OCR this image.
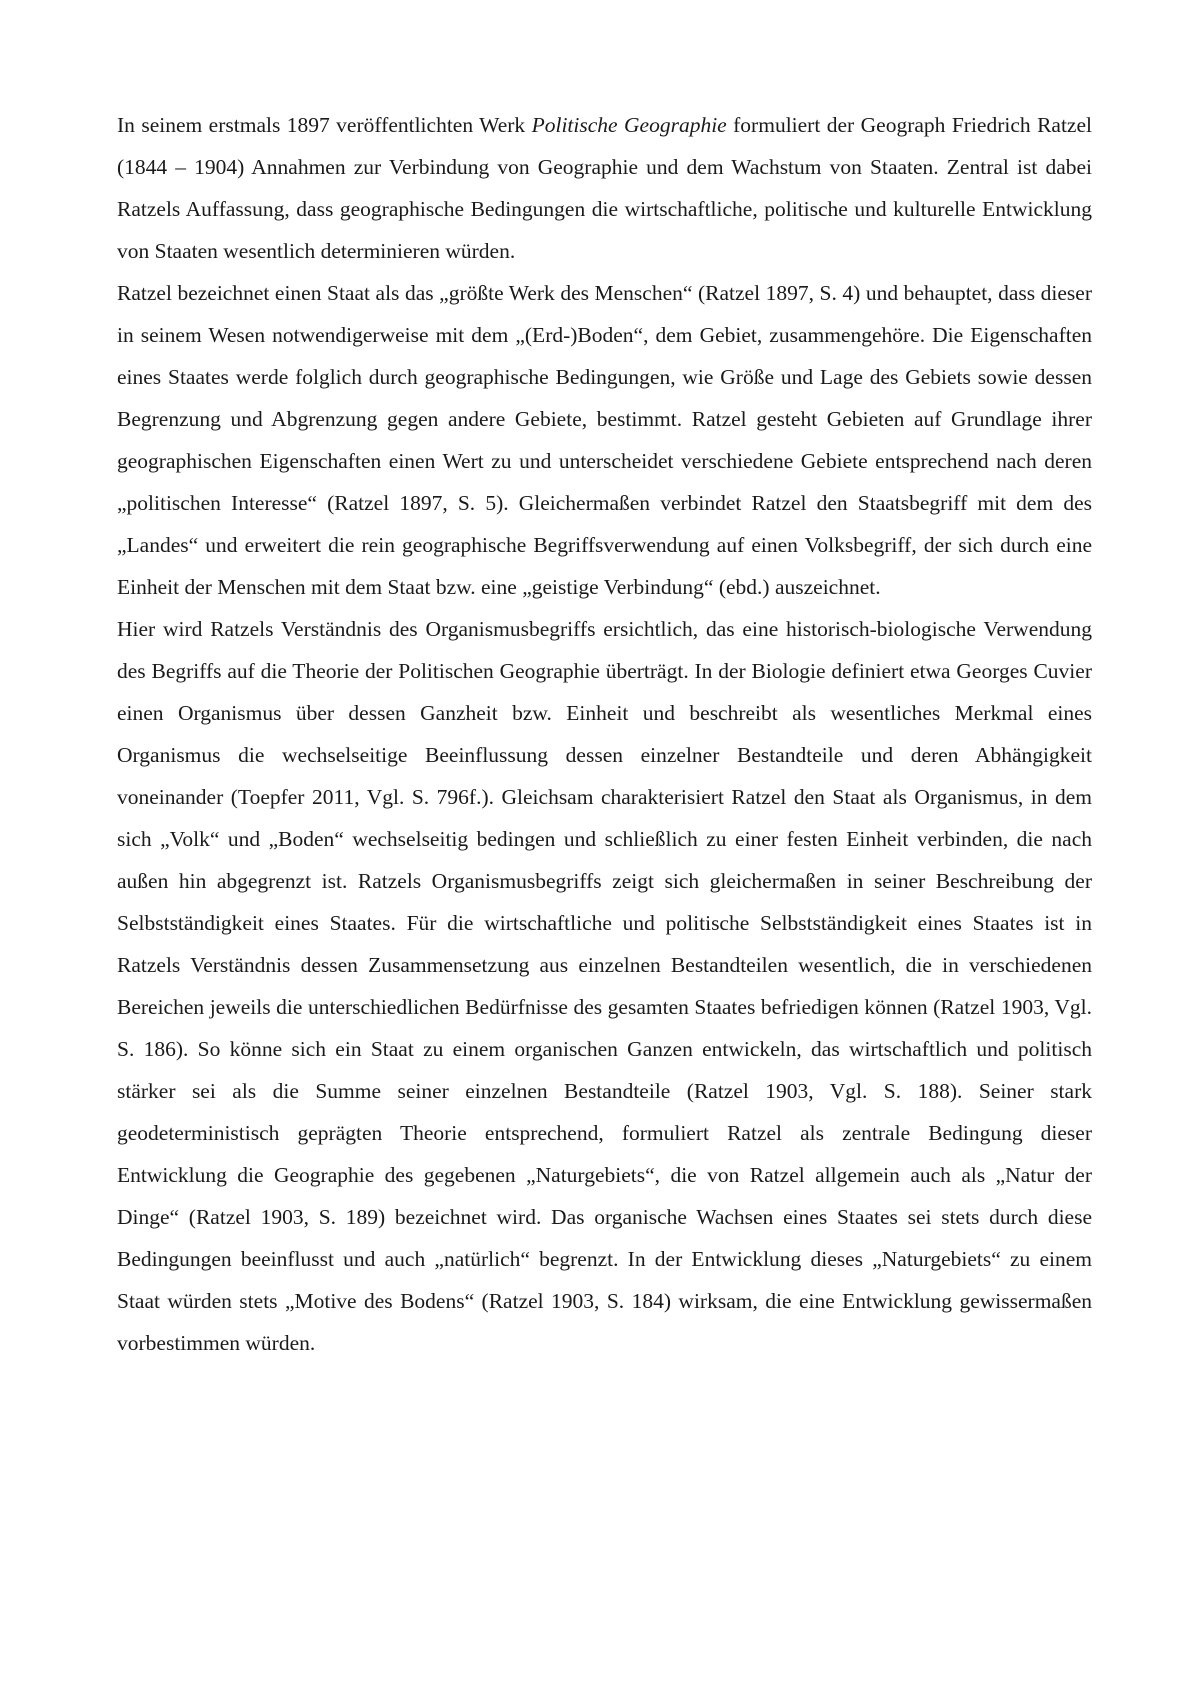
In seinem erstmals 1897 veröffentlichten Werk Politische Geographie formuliert der Geograph Friedrich Ratzel (1844 – 1904) Annahmen zur Verbindung von Geographie und dem Wachstum von Staaten. Zentral ist dabei Ratzels Auffassung, dass geographische Bedingungen die wirtschaftliche, politische und kulturelle Entwicklung von Staaten wesentlich determinieren würden.

Ratzel bezeichnet einen Staat als das „größte Werk des Menschen“ (Ratzel 1897, S. 4) und behauptet, dass dieser in seinem Wesen notwendigerweise mit dem „(Erd-)Boden“, dem Gebiet, zusammengehöre. Die Eigenschaften eines Staates werde folglich durch geographische Bedingungen, wie Größe und Lage des Gebiets sowie dessen Begrenzung und Abgrenzung gegen andere Gebiete, bestimmt. Ratzel gesteht Gebieten auf Grundlage ihrer geographischen Eigenschaften einen Wert zu und unterscheidet verschiedene Gebiete entsprechend nach deren „politischen Interesse“ (Ratzel 1897, S. 5). Gleichermaßen verbindet Ratzel den Staatsbegriff mit dem des „Landes“ und erweitert die rein geographische Begriffsverwendung auf einen Volksbegriff, der sich durch eine Einheit der Menschen mit dem Staat bzw. eine „geistige Verbindung“ (ebd.) auszeichnet.

Hier wird Ratzels Verständnis des Organismusbegriffs ersichtlich, das eine historisch-biologische Verwendung des Begriffs auf die Theorie der Politischen Geographie überträgt. In der Biologie definiert etwa Georges Cuvier einen Organismus über dessen Ganzheit bzw. Einheit und beschreibt als wesentliches Merkmal eines Organismus die wechselseitige Beeinflussung dessen einzelner Bestandteile und deren Abhängigkeit voneinander (Toepfer 2011, Vgl. S. 796f.). Gleichsam charakterisiert Ratzel den Staat als Organismus, in dem sich „Volk“ und „Boden“ wechselseitig bedingen und schließlich zu einer festen Einheit verbinden, die nach außen hin abgegrenzt ist. Ratzels Organismusbegriffs zeigt sich gleichermaßen in seiner Beschreibung der Selbstständigkeit eines Staates. Für die wirtschaftliche und politische Selbstständigkeit eines Staates ist in Ratzels Verständnis dessen Zusammensetzung aus einzelnen Bestandteilen wesentlich, die in verschiedenen Bereichen jeweils die unterschiedlichen Bedürfnisse des gesamten Staates befriedigen können (Ratzel 1903, Vgl. S. 186). So könne sich ein Staat zu einem organischen Ganzen entwickeln, das wirtschaftlich und politisch stärker sei als die Summe seiner einzelnen Bestandteile (Ratzel 1903, Vgl. S. 188). Seiner stark geodeterministisch geprägten Theorie entsprechend, formuliert Ratzel als zentrale Bedingung dieser Entwicklung die Geographie des gegebenen „Naturgebiets“, die von Ratzel allgemein auch als „Natur der Dinge“ (Ratzel 1903, S. 189) bezeichnet wird. Das organische Wachsen eines Staates sei stets durch diese Bedingungen beeinflusst und auch „natürlich“ begrenzt. In der Entwicklung dieses „Naturgebiets“ zu einem Staat würden stets „Motive des Bodens“ (Ratzel 1903, S. 184) wirksam, die eine Entwicklung gewissermaßen vorbestimmen würden.
